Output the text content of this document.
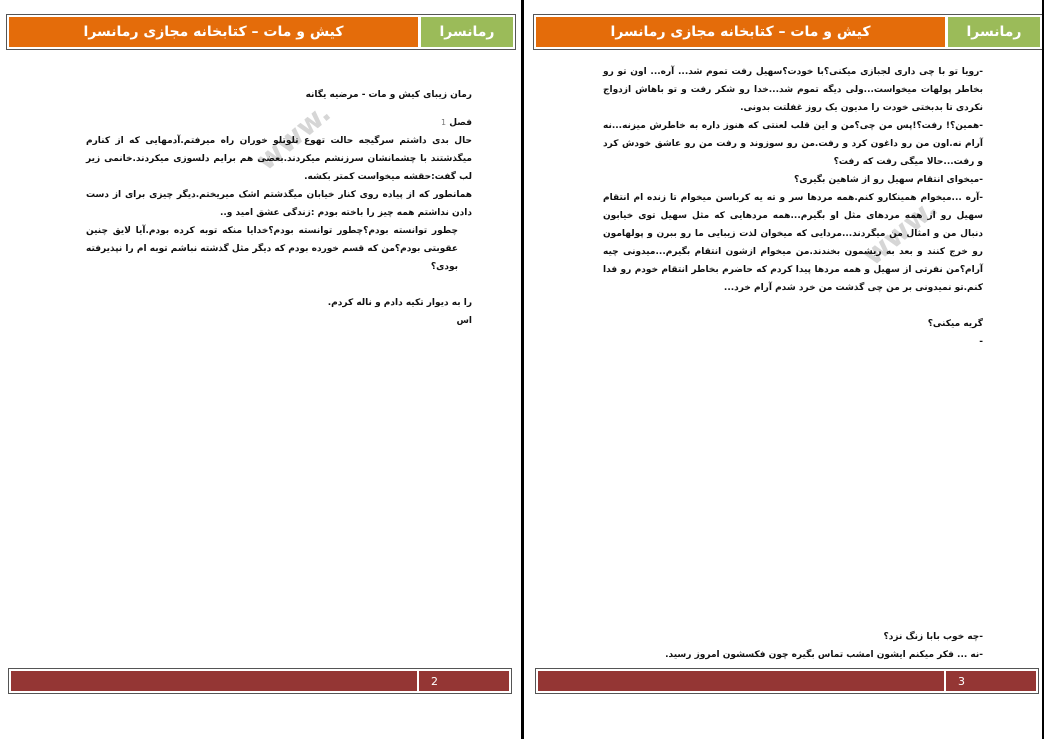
کیش و مات – کتابخانه مجازی رمانسرا	رمانسرا
www.

رمان زیبای کیش و مات - مرضیه یگانه

فصل 1

حال بدی داشتم سرگیجه حالت تهوع تلوتلو خوران راه میرفتم.آدمهایی که از کنارم میگذشتند با چشمانشان سرزنشم میکردند.بعضی هم برایم دلسوزی میکردند.خانمی زیر لب گفت:حقشه میخواست کمتر بکشه.

همانطور که از پیاده روی کنار خیابان میگذشتم اشک میریختم.دیگر چیزی برای از دست دادن نداشتم همه چیز را باخته بودم :زندگی عشق امید و..

چطور توانسته بودم؟چطور توانسته بودم؟خدایا منکه توبه کرده بودم.آیا لایق چنین عقوبتی بودم؟من که قسم خورده بودم که دیگر مثل گذشته نباشم توبه ام را نپذیرفته بودی؟

را به دیوار تکیه دادم و ناله کردم.

اس

2
کیش و مات – کتابخانه مجازی رمانسرا	رمانسرا
www.

-رویا تو با چی داری لجبازی میکنی؟با خودت؟سهیل رفت تموم شد... آره... اون تو رو بخاطر پولهات میخواست...ولی دیگه تموم شد...خدا رو شکر رفت و تو باهاش ازدواج نکردی تا بدبختی خودت را مدیون یک روز غفلتت بدونی.

-همین؟! رفت؟!پس من چی؟من و این قلب لعنتی که هنوز داره به خاطرش میزنه...نه آرام نه.اون من رو داغون کرد و رفت.من رو سوزوند و رفت من رو عاشق خودش کرد و رفت...حالا میگی رفت که رفت؟

-میخوای انتقام سهیل رو از شاهین بگیری؟

-آره ...میخوام همینکارو کنم.همه مردها سر و ته یه کرباسن میخوام تا زنده ام انتقام سهیل رو از همه مردهای مثل او بگیرم...همه مردهایی که مثل سهیل توی خیابون دنبال من و امثال من میگردند...مردایی که میخوان لذت زیبایی ما رو ببرن و پولهامون رو خرج کنند و بعد به ریشمون بخندند.من میخوام ازشون انتقام بگیرم...میدونی چیه آرام؟من نفرتی از سهیل و همه مردها پیدا کردم که حاضرم بخاطر انتقام خودم رو فدا کنم.تو نمیدونی بر من چی گذشت من خرد شدم آرام خرد...

گریه میکنی؟

-

-چه خوب بابا زنگ نزد؟

-نه ... فکر میکنم ایشون امشب تماس بگیره چون فکسشون امروز رسید.

3
